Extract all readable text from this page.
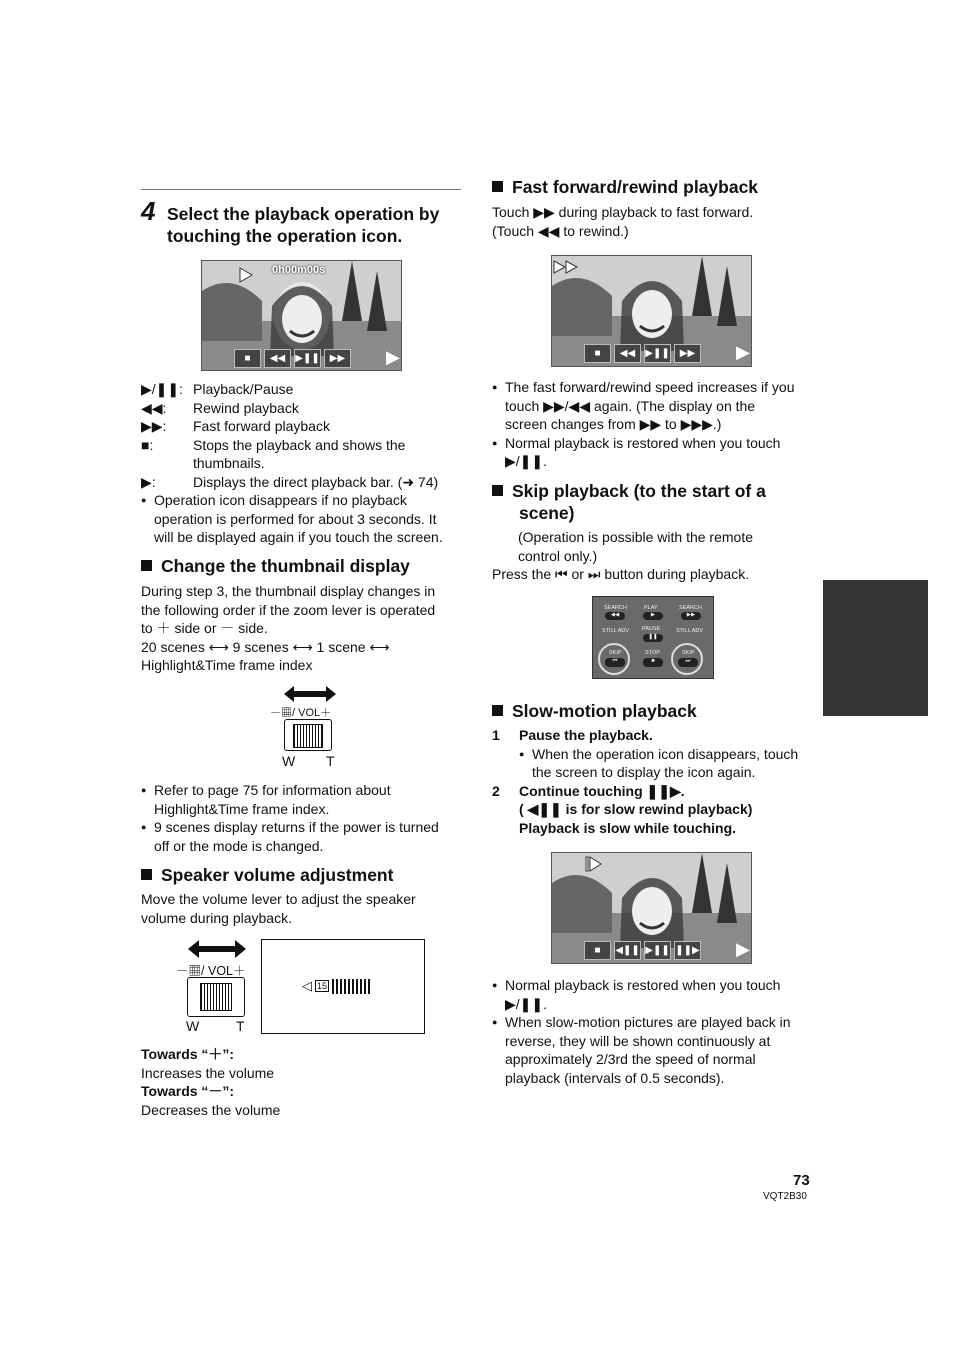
4 Select the playback operation by
touching the operation icon.
0h00m00s
■	◀◀	▶❚❚	▶▶	▶
▶/❚❚: Playback/Pause
◀◀:	Rewind playback
▶▶:	Fast forward playback
■:	Stops the playback and shows the
thumbnails.
▶:	Displays the direct playback bar. (➜ 74)
● Operation icon disappears if no playback
operation is performed for about 3 seconds. It
will be displayed again if you touch the screen.
Change the thumbnail display
During step 3, the thumbnail display changes in
the following order if the zoom lever is operated
to ＋ side or － side.
20 scenes ⟷ 9 scenes ⟷ 1 scene ⟷
Highlight&Time frame index
－▦/ VOL＋
W T
● Refer to page 75 for information about
Highlight&Time frame index.
● 9 scenes display returns if the power is turned
off or the mode is changed.
Speaker volume adjustment
Move the volume lever to adjust the speaker
volume during playback.
－▦/ VOL＋
W	T
◁ 15
Towards “＋”:
Increases the volume
Towards “－”:
Decreases the volume
Fast forward/rewind playback
Touch ▶▶ during playback to fast forward.
(Touch ◀◀ to rewind.)
■	◀◀	▶❚❚	▶▶	▶
● The fast forward/rewind speed increases if you
touch ▶▶/◀◀ again. (The display on the
screen changes from ▶▶ to ▶▶▶.)
● Normal playback is restored when you touch
▶/❚❚.
Skip playback (to the start of a
scene)
(Operation is possible with the remote
control only.)
Press the ⏮ or ⏭ button during playback.
SEARCH	PLAY	SEARCH
◀◀	▶	▶▶
STILL ADV PAUSE	STILL ADV
❚❚
SKIP	STOP	SKIP
⏮	■	⏭
Slow-motion playback
1	Pause the playback.
● When the operation icon disappears, touch
the screen to display the icon again.
2	Continue touching ❚❚▶.
( ◀❚❚ is for slow rewind playback)
Playback is slow while touching.
■	◀❚❚ ▶❚❚ ❚❚▶ ▶
● Normal playback is restored when you touch
▶/❚❚.
● When slow-motion pictures are played back in
reverse, they will be shown continuously at
approximately 2/3rd the speed of normal
playback (intervals of 0.5 seconds).
73
VQT2B30
